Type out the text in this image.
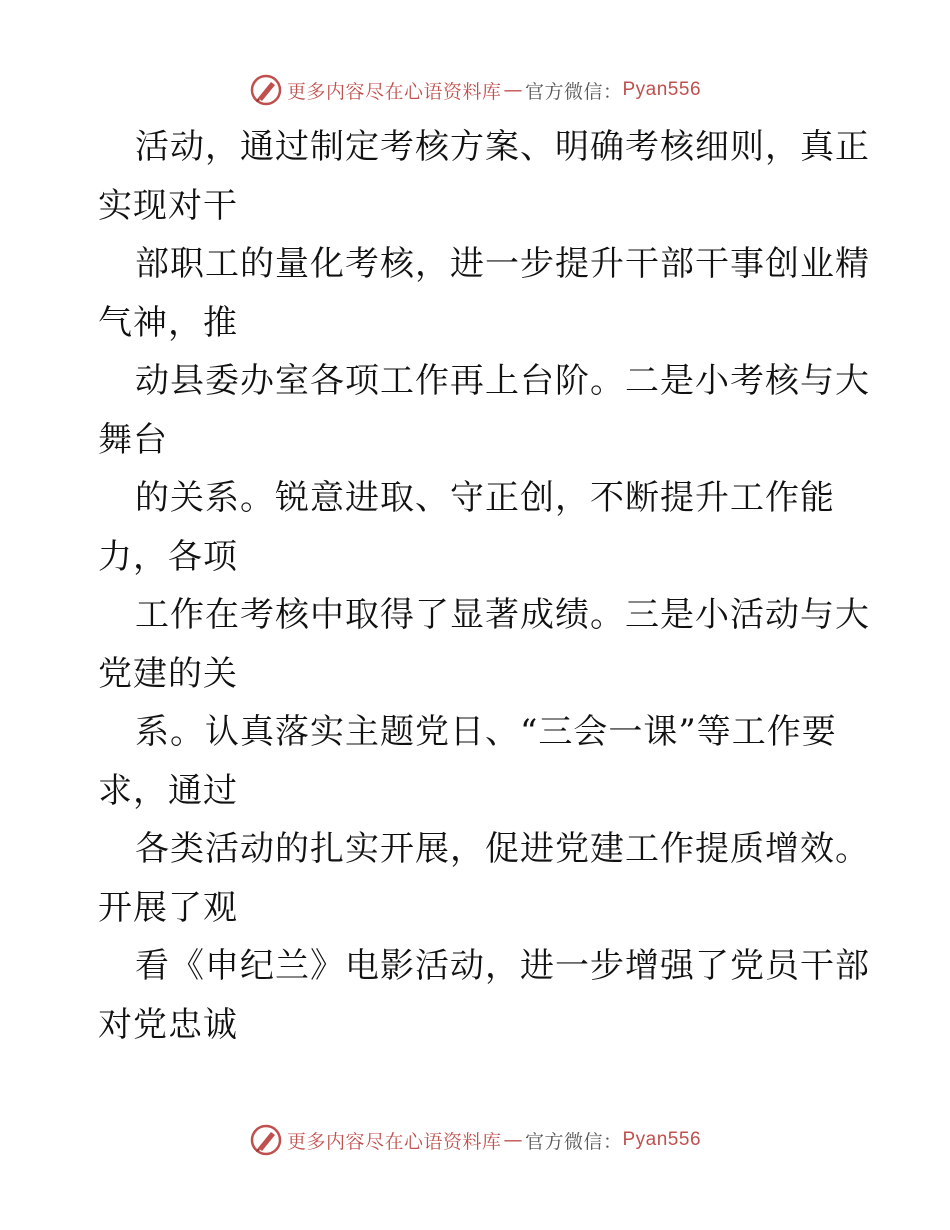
更多内容尽在心语资料库 — 官方微信： Pyan556
活动，通过制定考核方案、明确考核细则，真正
实现对干
部职工的量化考核，进一步提升干部干事创业精
气神，推
动县委办室各项工作再上台阶。二是小考核与大
舞台
的关系。锐意进取、守正创，不断提升工作能
力，各项
工作在考核中取得了显著成绩。三是小活动与大
党建的关
系。认真落实主题党日、“三会一课”等工作要
求，通过
各类活动的扎实开展，促进党建工作提质增效。
开展了观
看《申纪兰》电影活动，进一步增强了党员干部
对党忠诚
更多内容尽在心语资料库 — 官方微信： Pyan556
